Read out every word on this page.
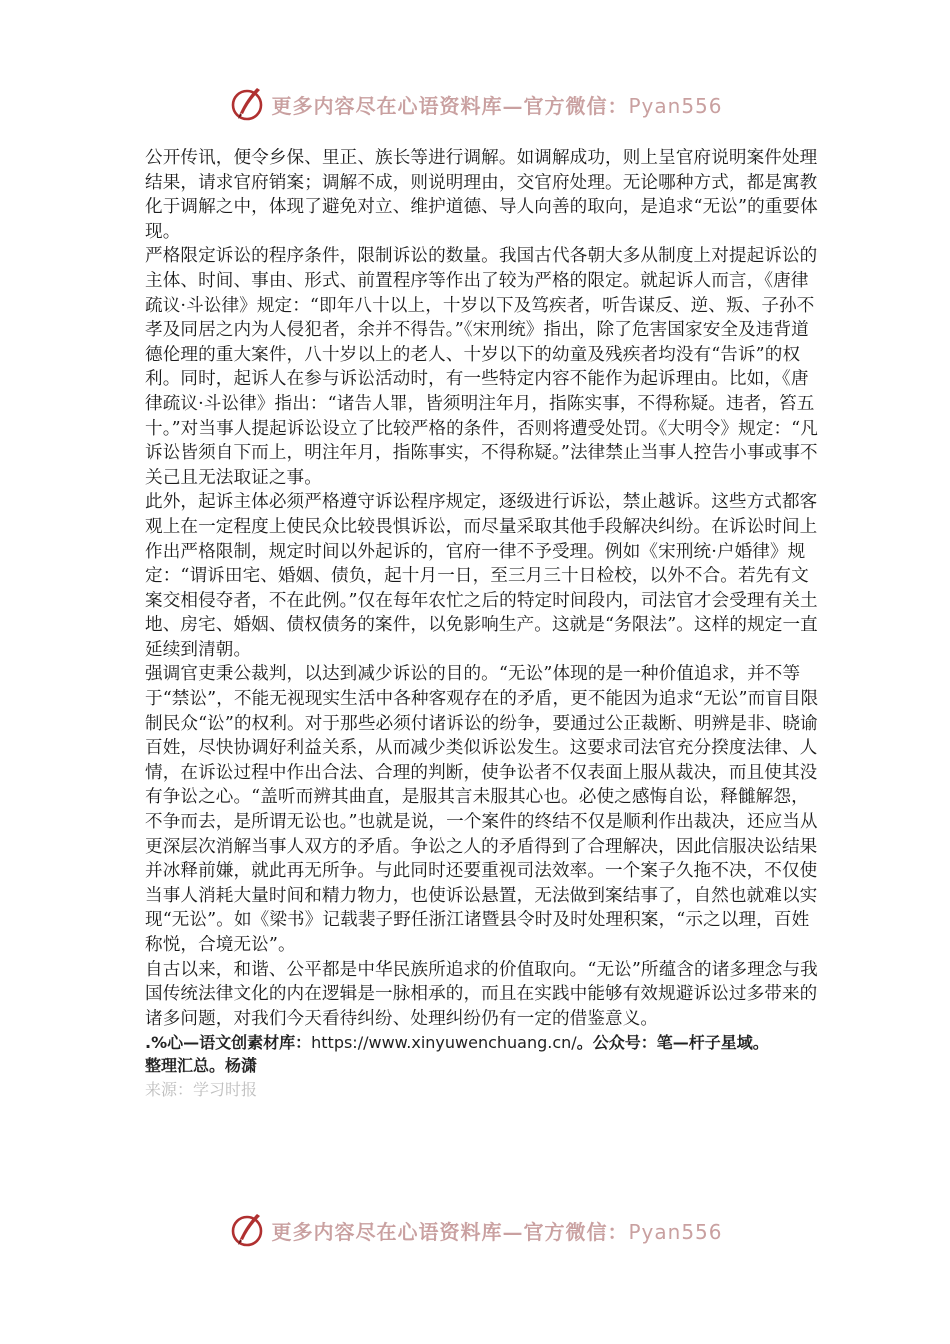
更多内容尽在心语资料库—官方微信：Pyan556

公开传讯，便令乡保、里正、族长等进行调解。如调解成功，则上呈官府说明案件处理结果，请求官府销案；调解不成，则说明理由，交官府处理。无论哪种方式，都是寓教化于调解之中，体现了避免对立、维护道德、导人向善的取向，是追求“无讼”的重要体现。

严格限定诉讼的程序条件，限制诉讼的数量。我国古代各朝大多从制度上对提起诉讼的主体、时间、事由、形式、前置程序等作出了较为严格的限定。就起诉人而言，《唐律疏议·斗讼律》规定：“即年八十以上，十岁以下及笃疾者，听告谋反、逆、叛、子孙不孝及同居之内为人侵犯者，余并不得告。”《宋刑统》指出，除了危害国家安全及违背道德伦理的重大案件，八十岁以上的老人、十岁以下的幼童及残疾者均没有“告诉”的权利。同时，起诉人在参与诉讼活动时，有一些特定内容不能作为起诉理由。比如，《唐律疏议·斗讼律》指出：“诸告人罪，皆须明注年月，指陈实事，不得称疑。违者，笞五十。”对当事人提起诉讼设立了比较严格的条件，否则将遭受处罚。《大明令》规定：“凡诉讼皆须自下而上，明注年月，指陈事实，不得称疑。”法律禁止当事人控告小事或事不关己且无法取证之事。

此外，起诉主体必须严格遵守诉讼程序规定，逐级进行诉讼，禁止越诉。这些方式都客观上在一定程度上使民众比较畏惧诉讼，而尽量采取其他手段解决纠纷。在诉讼时间上作出严格限制，规定时间以外起诉的，官府一律不予受理。例如《宋刑统·户婚律》规定：“谓诉田宅、婚姻、债负，起十月一日，至三月三十日检校，以外不合。若先有文案交相侵夺者，不在此例。”仅在每年农忙之后的特定时间段内，司法官才会受理有关土地、房宅、婚姻、债权债务的案件，以免影响生产。这就是“务限法”。这样的规定一直延续到清朝。

强调官吏秉公裁判，以达到减少诉讼的目的。“无讼”体现的是一种价值追求，并不等于“禁讼”，不能无视现实生活中各种客观存在的矛盾，更不能因为追求“无讼”而盲目限制民众“讼”的权利。对于那些必须付诸诉讼的纷争，要通过公正裁断、明辨是非、晓谕百姓，尽快协调好利益关系，从而减少类似诉讼发生。这要求司法官充分揆度法律、人情，在诉讼过程中作出合法、合理的判断，使争讼者不仅表面上服从裁决，而且使其没有争讼之心。“盖听而辨其曲直，是服其言未服其心也。必使之感悔自讼，释雠解怨，不争而去，是所谓无讼也。”也就是说，一个案件的终结不仅是顺利作出裁决，还应当从更深层次消解当事人双方的矛盾。争讼之人的矛盾得到了合理解决，因此信服决讼结果并冰释前嫌，就此再无所争。与此同时还要重视司法效率。一个案子久拖不决，不仅使当事人消耗大量时间和精力物力，也使诉讼悬置，无法做到案结事了，自然也就难以实现“无讼”。如《梁书》记载裴子野任浙江诸暨县令时及时处理积案，“示之以理，百姓称悦，合境无讼”。

自古以来，和谐、公平都是中华民族所追求的价值取向。“无讼”所蕴含的诸多理念与我国传统法律文化的内在逻辑是一脉相承的，而且在实践中能够有效规避诉讼过多带来的诸多问题，对我们今天看待纠纷、处理纠纷仍有一定的借鉴意义。

.%心—语文创素材库：https://www.xinyuwenchuang.cn/。公众号：笔—杆子星域。

整理汇总。杨潇

来源：学习时报

更多内容尽在心语资料库—官方微信：Pyan556
